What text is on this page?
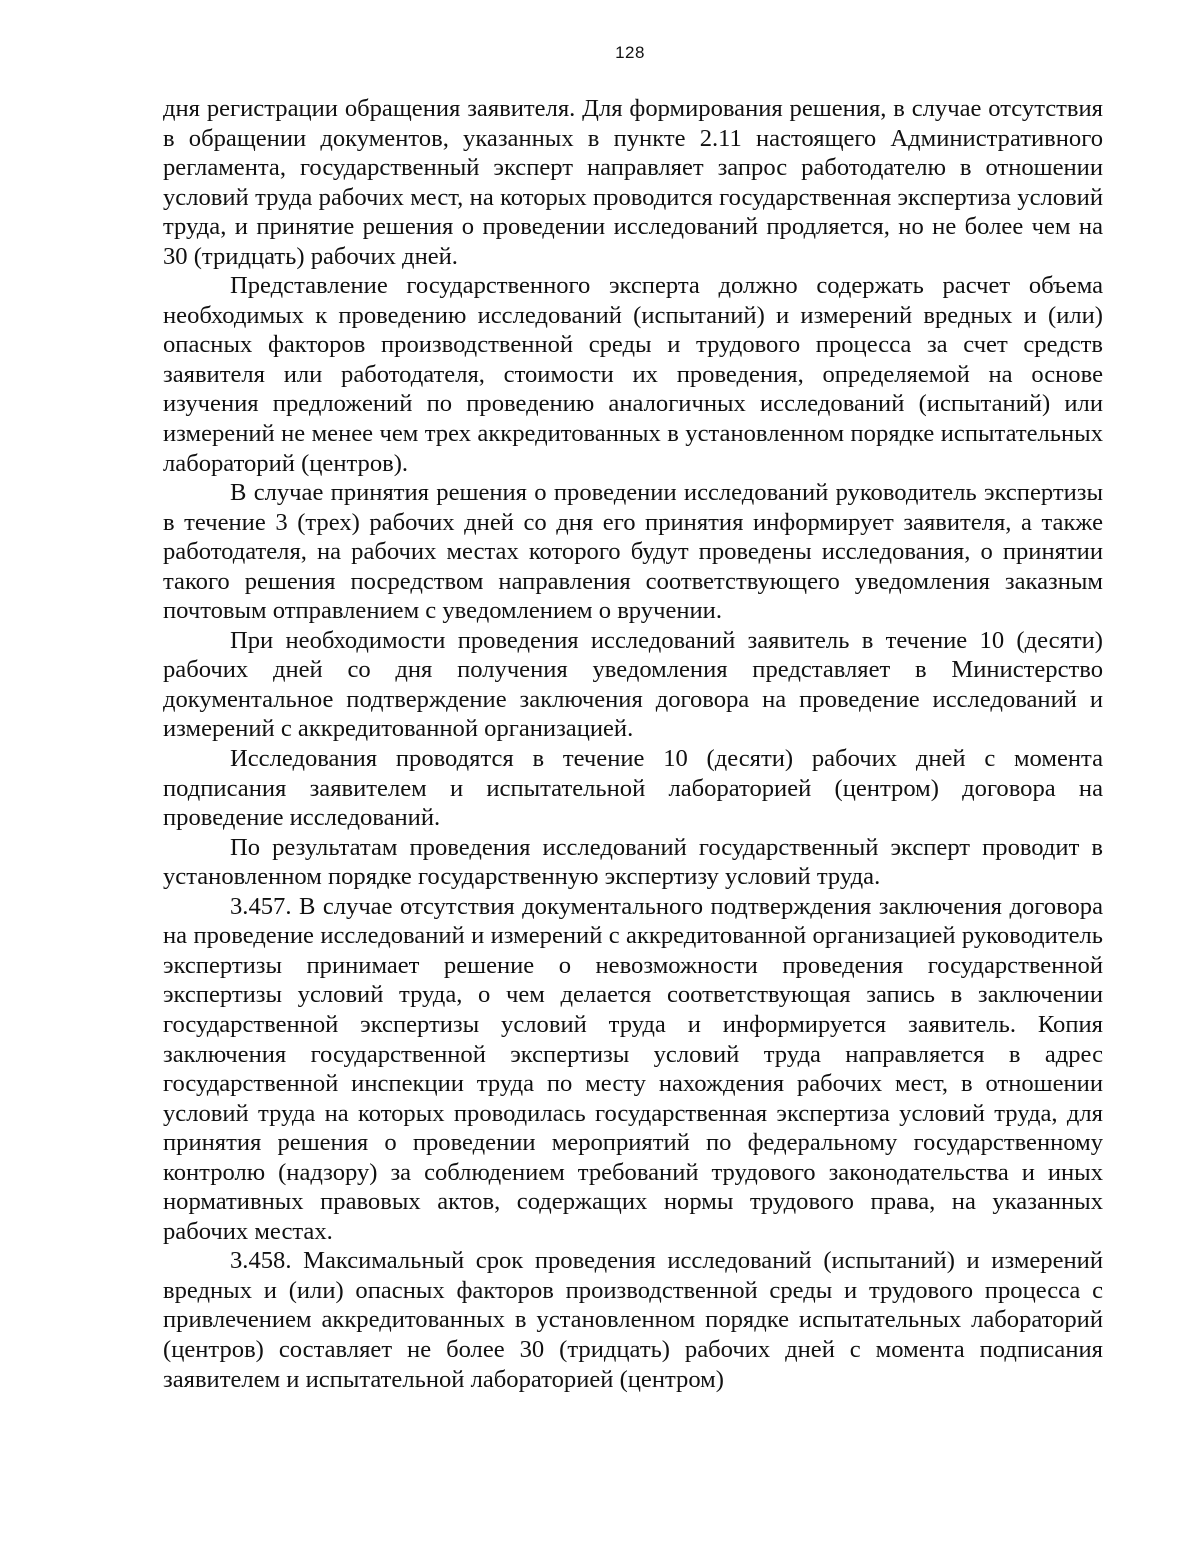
128

дня регистрации обращения заявителя. Для формирования решения, в случае отсутствия в обращении документов, указанных в пункте 2.11 настоящего Административного регламента, государственный эксперт направляет запрос работодателю в отношении условий труда рабочих мест, на которых проводится государственная экспертиза условий труда, и принятие решения о проведении исследований продляется, но не более чем на 30 (тридцать) рабочих дней.

Представление государственного эксперта должно содержать расчет объема необходимых к проведению исследований (испытаний) и измерений вредных и (или) опасных факторов производственной среды и трудового процесса за счет средств заявителя или работодателя, стоимости их проведения, определяемой на основе изучения предложений по проведению аналогичных исследований (испытаний) или измерений не менее чем трех аккредитованных в установленном порядке испытательных лабораторий (центров).

В случае принятия решения о проведении исследований руководитель экспертизы в течение 3 (трех) рабочих дней со дня его принятия информирует заявителя, а также работодателя, на рабочих местах которого будут проведены исследования, о принятии такого решения посредством направления соответствующего уведомления заказным почтовым отправлением с уведомлением о вручении.

При необходимости проведения исследований заявитель в течение 10 (десяти) рабочих дней со дня получения уведомления представляет в Министерство документальное подтверждение заключения договора на проведение исследований и измерений с аккредитованной организацией.

Исследования проводятся в течение 10 (десяти) рабочих дней с момента подписания заявителем и испытательной лабораторией (центром) договора на проведение исследований.

По результатам проведения исследований государственный эксперт проводит в установленном порядке государственную экспертизу условий труда.

3.457. В случае отсутствия документального подтверждения заключения договора на проведение исследований и измерений с аккредитованной организацией руководитель экспертизы принимает решение о невозможности проведения государственной экспертизы условий труда, о чем делается соответствующая запись в заключении государственной экспертизы условий труда и информируется заявитель. Копия заключения государственной экспертизы условий труда направляется в адрес государственной инспекции труда по месту нахождения рабочих мест, в отношении условий труда на которых проводилась государственная экспертиза условий труда, для принятия решения о проведении мероприятий по федеральному государственному контролю (надзору) за соблюдением требований трудового законодательства и иных нормативных правовых актов, содержащих нормы трудового права, на указанных рабочих местах.

3.458. Максимальный срок проведения исследований (испытаний) и измерений вредных и (или) опасных факторов производственной среды и трудового процесса с привлечением аккредитованных в установленном порядке испытательных лабораторий (центров) составляет не более 30 (тридцать) рабочих дней с момента подписания заявителем и испытательной лабораторией (центром)
